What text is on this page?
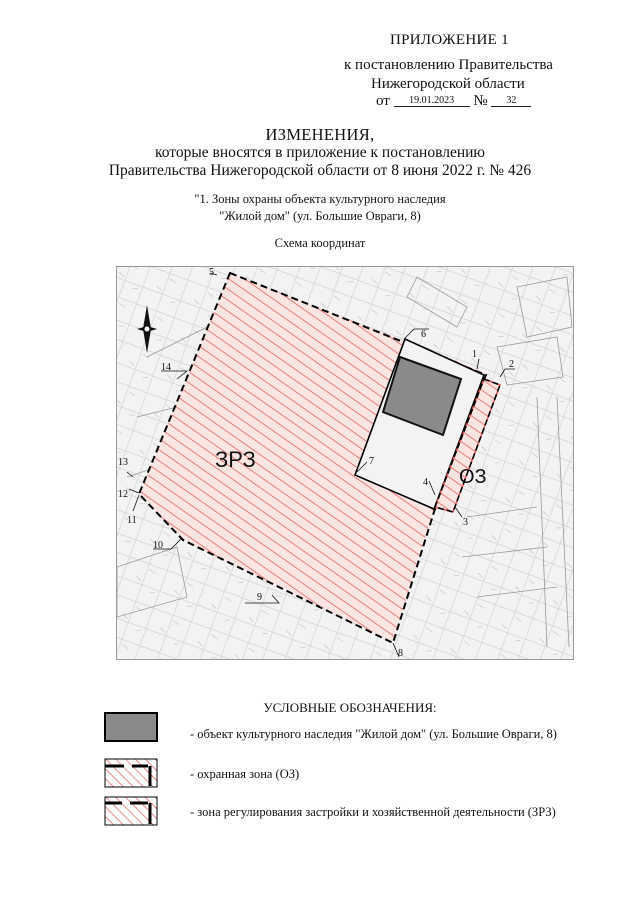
ПРИЛОЖЕНИЕ 1
к постановлению Правительства
Нижегородской области
от 19.01.2023 № 32
ИЗМЕНЕНИЯ,
которые вносятся в приложение к постановлению
Правительства Нижегородской области от 8 июня 2022 г. № 426
"1. Зоны охраны объекта культурного наследия
"Жилой дом" (ул. Большие Овраги, 8)
Схема координат
ЗРЗ
ОЗ
1
2
3
4
5
6
7
8
9
10
11
12
13
14
УСЛОВНЫЕ ОБОЗНАЧЕНИЯ:
- объект культурного наследия "Жилой дом" (ул. Большие Овраги, 8)
- охранная зона (ОЗ)
- зона регулирования застройки и хозяйственной деятельности (ЗРЗ)
